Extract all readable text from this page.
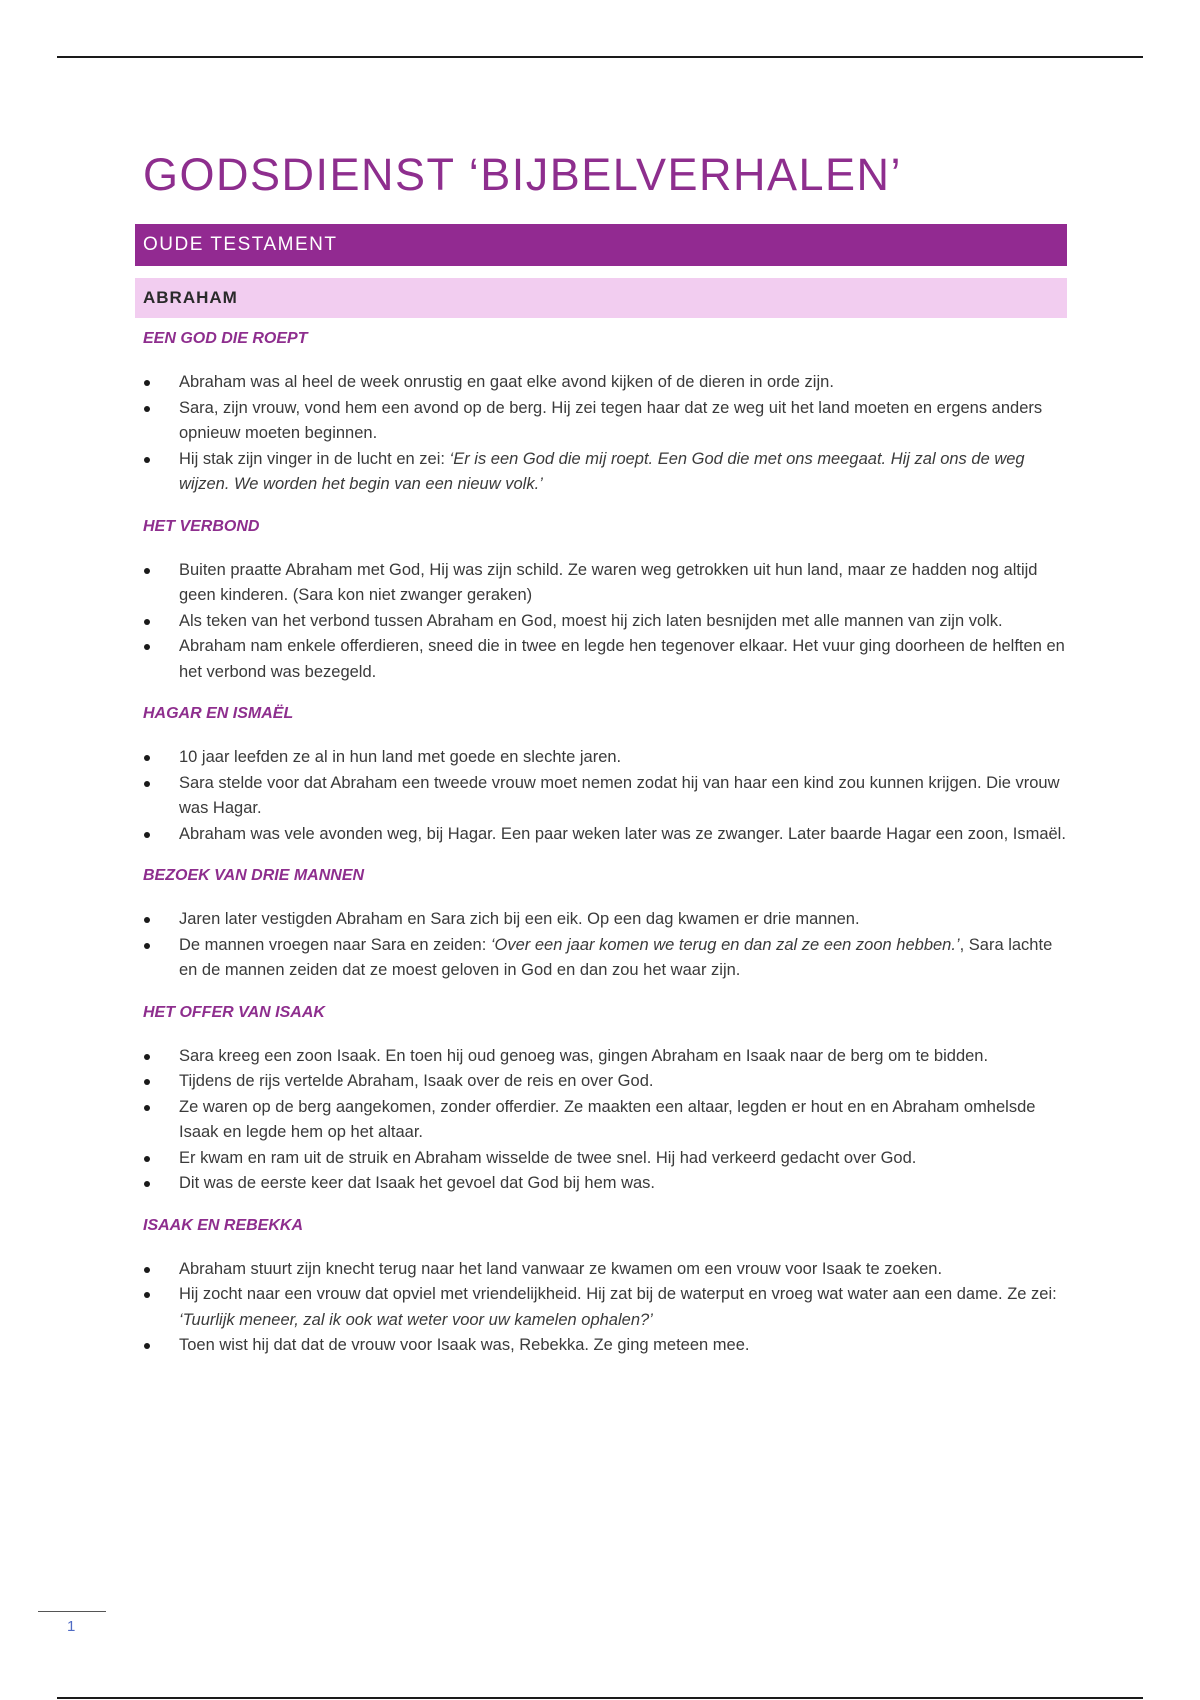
GODSDIENST ‘BIJBELVERHALEN’
OUDE TESTAMENT
ABRAHAM
EEN GOD DIE ROEPT
Abraham was al heel de week onrustig en gaat elke avond kijken of de dieren in orde zijn.
Sara, zijn vrouw, vond hem een avond op de berg. Hij zei tegen haar dat ze weg uit het land moeten en ergens anders opnieuw moeten beginnen.
Hij stak zijn vinger in de lucht en zei: ‘Er is een God die mij roept. Een God die met ons meegaat. Hij zal ons de weg wijzen. We worden het begin van een nieuw volk.’
HET VERBOND
Buiten praatte Abraham met God, Hij was zijn schild. Ze waren weg getrokken uit hun land, maar ze hadden nog altijd geen kinderen. (Sara kon niet zwanger geraken)
Als teken van het verbond tussen Abraham en God, moest hij zich laten besnijden met alle mannen van zijn volk.
Abraham nam enkele offerdieren, sneed die in twee en legde hen tegenover elkaar. Het vuur ging doorheen de helften en het verbond was bezegeld.
HAGAR EN ISMAËL
10 jaar leefden ze al in hun land met goede en slechte jaren.
Sara stelde voor dat Abraham een tweede vrouw moet nemen zodat hij van haar een kind zou kunnen krijgen. Die vrouw was Hagar.
Abraham was vele avonden weg, bij Hagar. Een paar weken later was ze zwanger. Later baarde Hagar een zoon, Ismaël.
BEZOEK VAN DRIE MANNEN
Jaren later vestigden Abraham en Sara zich bij een eik. Op een dag kwamen er drie mannen.
De mannen vroegen naar Sara en zeiden: ‘Over een jaar komen we terug en dan zal ze een zoon hebben.’, Sara lachte en de mannen zeiden dat ze moest geloven in God en dan zou het waar zijn.
HET OFFER VAN ISAAK
Sara kreeg een zoon Isaak. En toen hij oud genoeg was, gingen Abraham en Isaak naar de berg om te bidden.
Tijdens de rijs vertelde Abraham, Isaak over de reis en over God.
Ze waren op de berg aangekomen, zonder offerdier. Ze maakten een altaar, legden er hout en en Abraham omhelsde Isaak en legde hem op het altaar.
Er kwam en ram uit de struik en Abraham wisselde de twee snel. Hij had verkeerd gedacht over God.
Dit was de eerste keer dat Isaak het gevoel dat God bij hem was.
ISAAK EN REBEKKA
Abraham stuurt zijn knecht terug naar het land vanwaar ze kwamen om een vrouw voor Isaak te zoeken.
Hij zocht naar een vrouw dat opviel met vriendelijkheid. Hij zat bij de waterput en vroeg wat water aan een dame. Ze zei: ‘Tuurlijk meneer, zal ik ook wat weter voor uw kamelen ophalen?’
Toen wist hij dat dat de vrouw voor Isaak was, Rebekka. Ze ging meteen mee.
1
